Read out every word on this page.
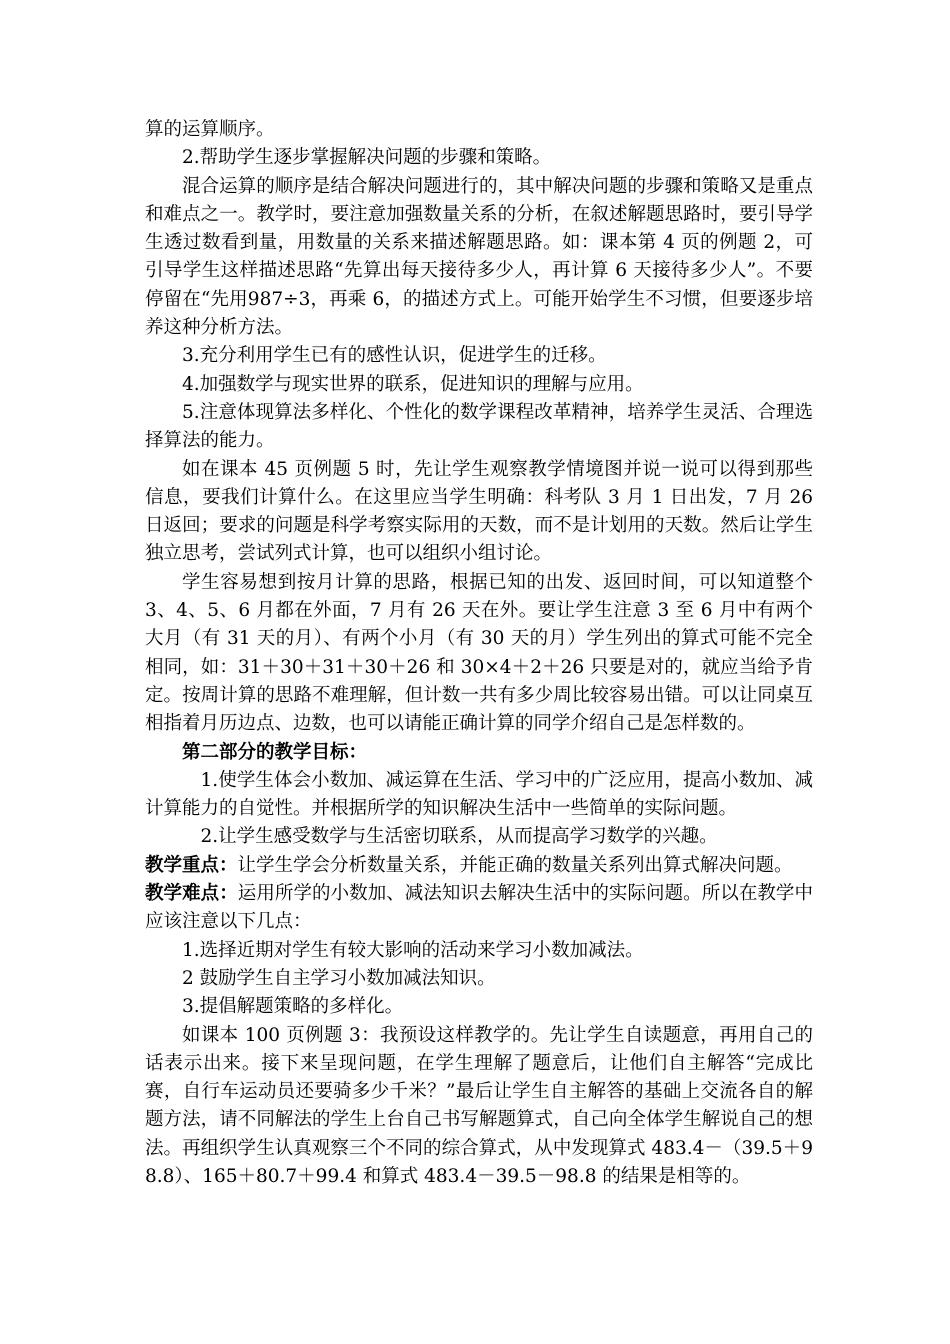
算的运算顺序。

2.帮助学生逐步掌握解决问题的步骤和策略。

混合运算的顺序是结合解决问题进行的，其中解决问题的步骤和策略又是重点和难点之一。教学时，要注意加强数量关系的分析，在叙述解题思路时，要引导学生透过数看到量，用数量的关系来描述解题思路。如：课本第 4 页的例题 2，可引导学生这样描述思路“先算出每天接待多少人，再计算 6 天接待多少人”。不要停留在“先用987÷3，再乘 6，的描述方式上。可能开始学生不习惯，但要逐步培养这种分析方法。

3.充分利用学生已有的感性认识，促进学生的迁移。

4.加强数学与现实世界的联系，促进知识的理解与应用。

5.注意体现算法多样化、个性化的数学课程改革精神，培养学生灵活、合理选择算法的能力。

如在课本 45 页例题 5 时，先让学生观察教学情境图并说一说可以得到那些信息，要我们计算什么。在这里应当学生明确：科考队 3 月 1 日出发，7 月 26 日返回；要求的问题是科学考察实际用的天数，而不是计划用的天数。然后让学生独立思考，尝试列式计算，也可以组织小组讨论。

学生容易想到按月计算的思路，根据已知的出发、返回时间，可以知道整个 3、4、5、6 月都在外面，7 月有 26 天在外。要让学生注意 3 至 6 月中有两个大月（有 31 天的月）、有两个小月（有 30 天的月）学生列出的算式可能不完全相同，如：31＋30＋31＋30＋26 和 30×4＋2＋26 只要是对的，就应当给予肯定。按周计算的思路不难理解，但计数一共有多少周比较容易出错。可以让同桌互相指着月历边点、边数，也可以请能正确计算的同学介绍自己是怎样数的。

第二部分的教学目标：

1.使学生体会小数加、减运算在生活、学习中的广泛应用，提高小数加、减计算能力的自觉性。并根据所学的知识解决生活中一些简单的实际问题。

2.让学生感受数学与生活密切联系，从而提高学习数学的兴趣。

教学重点：让学生学会分析数量关系，并能正确的数量关系列出算式解决问题。

教学难点：运用所学的小数加、减法知识去解决生活中的实际问题。所以在教学中应该注意以下几点：

1.选择近期对学生有较大影响的活动来学习小数加减法。

2 鼓励学生自主学习小数加减法知识。

3.提倡解题策略的多样化。

如课本 100 页例题 3：我预设这样教学的。先让学生自读题意，再用自己的话表示出来。接下来呈现问题，在学生理解了题意后，让他们自主解答“完成比赛，自行车运动员还要骑多少千米？”最后让学生自主解答的基础上交流各自的解题方法，请不同解法的学生上台自己书写解题算式，自己向全体学生解说自己的想法。再组织学生认真观察三个不同的综合算式，从中发现算式 483.4－（39.5＋98.8）、165＋80.7＋99.4 和算式 483.4－39.5－98.8 的结果是相等的。
